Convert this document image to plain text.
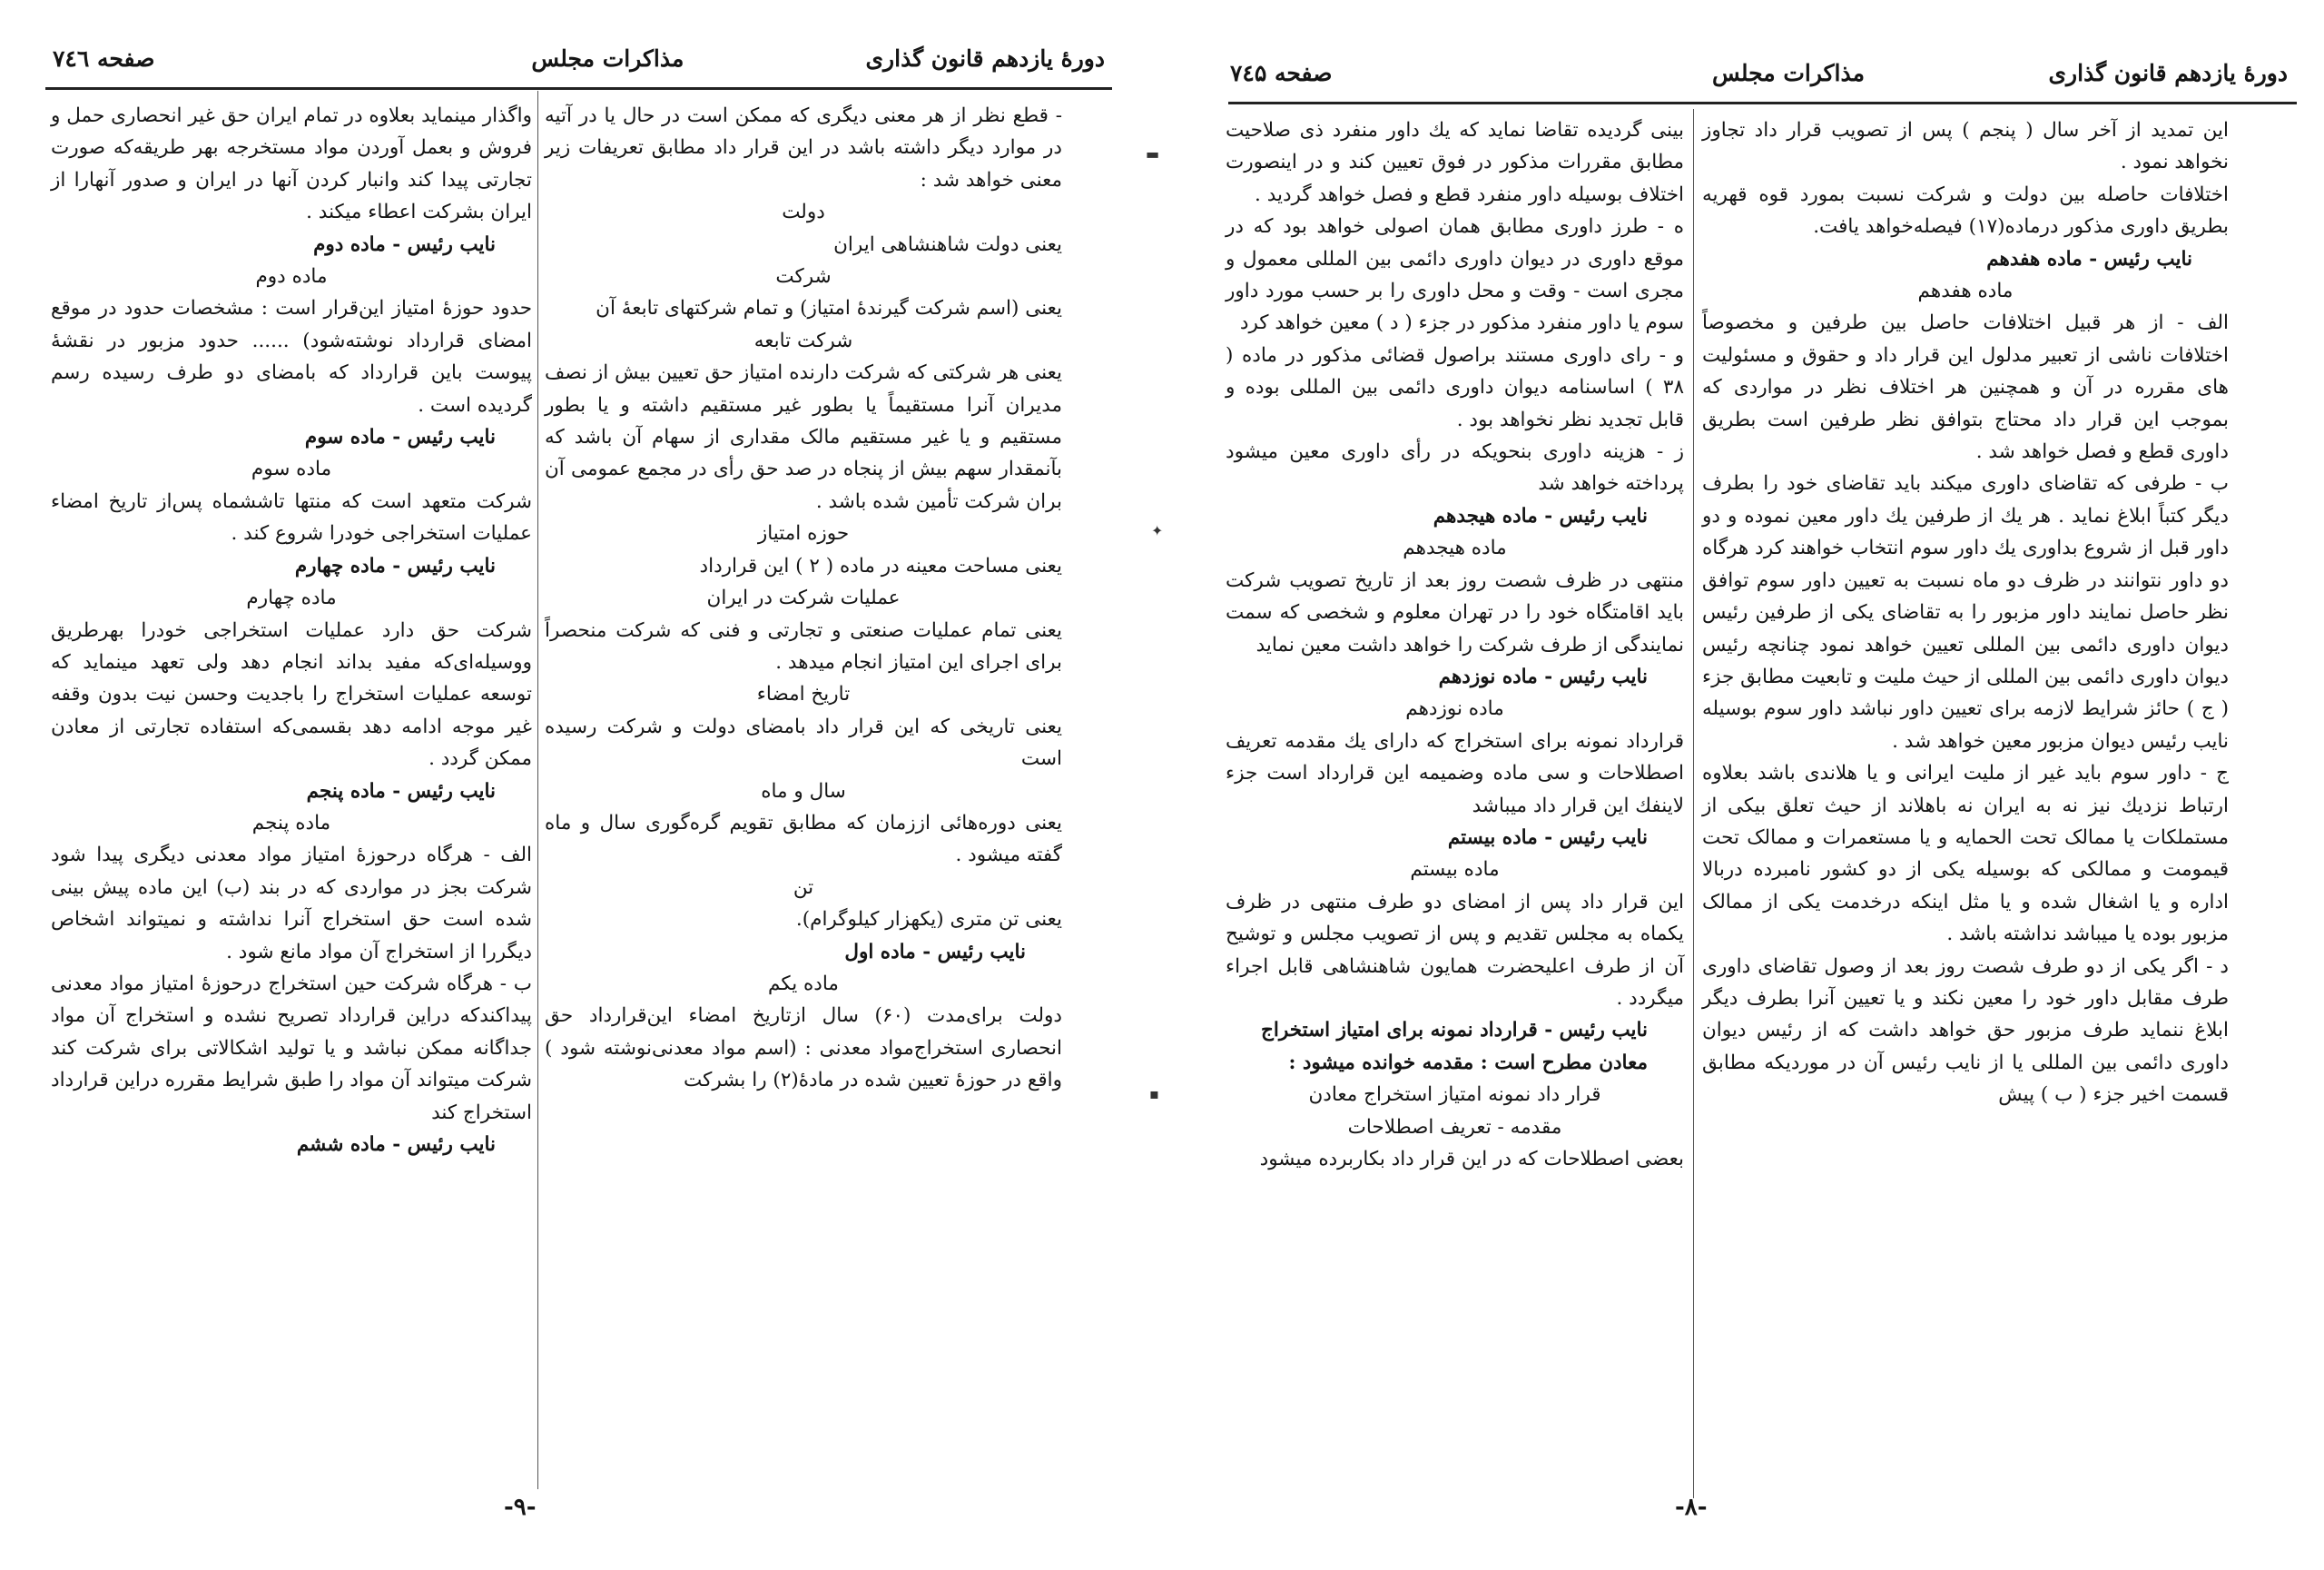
دورهٔ یازدهم قانون گذاری
مذاکرات مجلس
صفحه ۷٤٦

- قطع نظر از هر معنی دیگری که ممکن است در حال یا در آتیه در موارد دیگر داشته باشد در این قرار داد مطابق تعریفات زیر معنی خواهد شد :

دولت

یعنی دولت شاهنشاهی ایران

شرکت

یعنی (اسم شرکت گیرندهٔ امتیاز) و تمام شرکتهای تابعهٔ آن

شرکت تابعه

یعنی هر شرکتی که شرکت دارنده امتیاز حق تعیین بیش از نصف مدیران آنرا مستقیماً یا بطور غیر مستقیم داشته و یا بطور مستقیم و یا غیر مستقیم مالک مقداری از سهام آن باشد که بآنمقدار سهم بیش از پنجاه در صد حق رأی در مجمع عمومی آن بران شرکت تأمین شده باشد .

حوزه امتیاز

یعنی مساحت معینه در ماده ( ۲ ) این قرارداد

عملیات شرکت در ایران

یعنی تمام عملیات صنعتی و تجارتی و فنی که شرکت منحصراً برای اجرای این امتیاز انجام میدهد .

تاریخ امضاء

یعنی تاریخی که این قرار داد بامضای دولت و شرکت رسیده است

سال و ماه

یعنی دوره‌هائی اززمان که مطابق تقویم گره‌گوری سال و ماه گفته میشود .

تن

یعنی تن متری (یکهزار کیلوگرام).

نایب رئیس - ماده اول

ماده یکم

دولت برای‌مدت (۶۰) سال ازتاریخ امضاء این‌قرارداد حق انحصاری استخراج‌مواد معدنی : (اسم مواد معدنی‌نوشته شود ) واقع در حوزهٔ تعیین شده در مادهٔ(۲) را بشرکت

واگذار مینماید بعلاوه در تمام ایران حق غیر انحصاری حمل و فروش و بعمل آوردن مواد مستخرجه بهر طریقه‌که صورت تجارتی پیدا کند وانبار کردن آنها در ایران و صدور آنهارا از ایران بشرکت اعطاء میکند .

نایب رئیس - ماده دوم

ماده دوم

حدود حوزهٔ امتیاز این‌قرار است : مشخصات حدود در موقع امضای قرارداد نوشته‌شود) ...... حدود مزبور در نقشهٔ پیوست باین قرارداد که بامضای دو طرف رسیده رسم گردیده است .

نایب رئیس - ماده سوم

ماده سوم

شرکت متعهد است که منتها تاششماه پس‌از تاریخ امضاء عملیات استخراجی خودرا شروع کند .

نایب رئیس - ماده چهارم

ماده چهارم

شرکت حق دارد عملیات استخراجی خودرا بهرطریق ووسیله‌ای‌که مفید بداند انجام دهد ولی تعهد مینماید که توسعه عملیات استخراج را باجدیت وحسن نیت بدون وقفه غیر موجه ادامه دهد بقسمی‌که استفاده تجارتی از معادن ممکن گردد .

نایب رئیس - ماده پنجم

ماده پنجم

الف - هرگاه درحوزهٔ امتیاز مواد معدنی دیگری پیدا شود شرکت بجز در مواردی که در بند (ب) این ماده پیش بینی شده است حق استخراج آنرا نداشته و نمیتواند اشخاص دیگررا از استخراج آن مواد مانع شود .

ب - هرگاه شرکت حین استخراج درحوزهٔ امتیاز مواد معدنی پیداکندکه دراین قرارداد تصریح نشده و استخراج آن مواد جداگانه ممکن نباشد و یا تولید اشکالاتی برای شرکت کند شرکت میتواند آن مواد را طبق شرایط مقرره دراین قرارداد استخراج کند

نایب رئیس - ماده ششم

-۹-
دورهٔ یازدهم قانون گذاری
مذاکرات مجلس
صفحه ۷٤۵

این تمدید از آخر سال ( پنجم ) پس از تصویب قرار داد تجاوز نخواهد نمود .

اختلافات حاصله بین دولت و شرکت نسبت بمورد قوه قهریه بطریق داوری مذکور درماده(۱۷) فیصله‌خواهد یافت.

نایب رئیس - ماده هفدهم

ماده هفدهم

الف - از هر قبیل اختلافات حاصل بین طرفین و مخصوصاً اختلافات ناشی از تعبیر مدلول این قرار داد و حقوق و مسئولیت های مقرره در آن و همچنین هر اختلاف نظر در مواردی که بموجب این قرار داد محتاج بتوافق نظر طرفین است بطریق داوری قطع و فصل خواهد شد .

ب - طرفی که تقاضای داوری میکند باید تقاضای خود را بطرف دیگر کتباً ابلاغ نماید . هر یك از طرفین یك داور معین نموده و دو داور قبل از شروع بداوری یك داور سوم انتخاب خواهند کرد هرگاه دو داور نتوانند در ظرف دو ماه نسبت به تعیین داور سوم توافق نظر حاصل نمایند داور مزبور را به تقاضای یکی از طرفین رئیس دیوان داوری دائمی بین المللی تعیین خواهد نمود چنانچه رئیس دیوان داوری دائمی بین المللی از حیث ملیت و تابعیت مطابق جزء ( ج ) حائز شرایط لازمه برای تعیین داور نباشد داور سوم بوسیله نایب رئیس دیوان مزبور معین خواهد شد .

ج - داور سوم باید غیر از ملیت ایرانی و یا هلاندی باشد بعلاوه ارتباط نزدیك نیز نه به ایران نه باهلاند از حیث تعلق بیکی از مستملکات یا ممالک تحت الحمایه و یا مستعمرات و ممالک تحت قیمومت و ممالکی که بوسیله یکی از دو کشور نامبرده دربالا اداره و یا اشغال شده و یا مثل اینکه درخدمت یکی از ممالک مزبور بوده یا میباشد نداشته باشد .

د - اگر یکی از دو طرف شصت روز بعد از وصول تقاضای داوری طرف مقابل داور خود را معین نکند و یا تعیین آنرا بطرف دیگر ابلاغ ننماید طرف مزبور حق خواهد داشت که از رئیس دیوان داوری دائمی بین المللی یا از نایب رئیس آن در موردیکه مطابق قسمت اخیر جزء ( ب ) پیش

بینی گردیده تقاضا نماید که یك داور منفرد ذی صلاحیت مطابق مقررات مذکور در فوق تعیین کند و در اینصورت اختلاف بوسیله داور منفرد قطع و فصل خواهد گردید .

ه - طرز داوری مطابق همان اصولی خواهد بود که در موقع داوری در دیوان داوری دائمی بین المللی معمول و مجری است - وقت و محل داوری را بر حسب مورد داور سوم یا داور منفرد مذکور در جزء ( د ) معین خواهد کرد

و - رای داوری مستند براصول قضائی مذکور در ماده ( ۳۸ ) اساسنامه دیوان داوری دائمی بین المللی بوده و قابل تجدید نظر نخواهد بود .

ز - هزینه داوری بنحویکه در رأی داوری معین میشود پرداخته خواهد شد

نایب رئیس - ماده هیجدهم

ماده هیجدهم

منتهی در ظرف شصت روز بعد از تاریخ تصویب شرکت باید اقامتگاه خود را در تهران معلوم و شخصی که سمت نمایندگی از طرف شرکت را خواهد داشت معین نماید

نایب رئیس - ماده نوزدهم

ماده نوزدهم

قرارداد نمونه برای استخراج که دارای یك مقدمه تعریف اصطلاحات و سی ماده وضمیمه این قرارداد است جزء لاینفك این قرار داد میباشد

نایب رئیس - ماده بیستم

ماده بیستم

این قرار داد پس از امضای دو طرف منتهی در ظرف یکماه به مجلس تقدیم و پس از تصویب مجلس و توشیح آن از طرف اعلیحضرت همایون شاهنشاهی قابل اجراء میگردد .

نایب رئیس - قرارداد نمونه برای امتیاز استخراج معادن مطرح است : مقدمه خوانده میشود :

قرار داد نمونه امتیاز استخراج معادن

مقدمه - تعریف اصطلاحات

بعضی اصطلاحات که در این قرار داد بکاربرده میشود

-۸-
▬
✦
▪
